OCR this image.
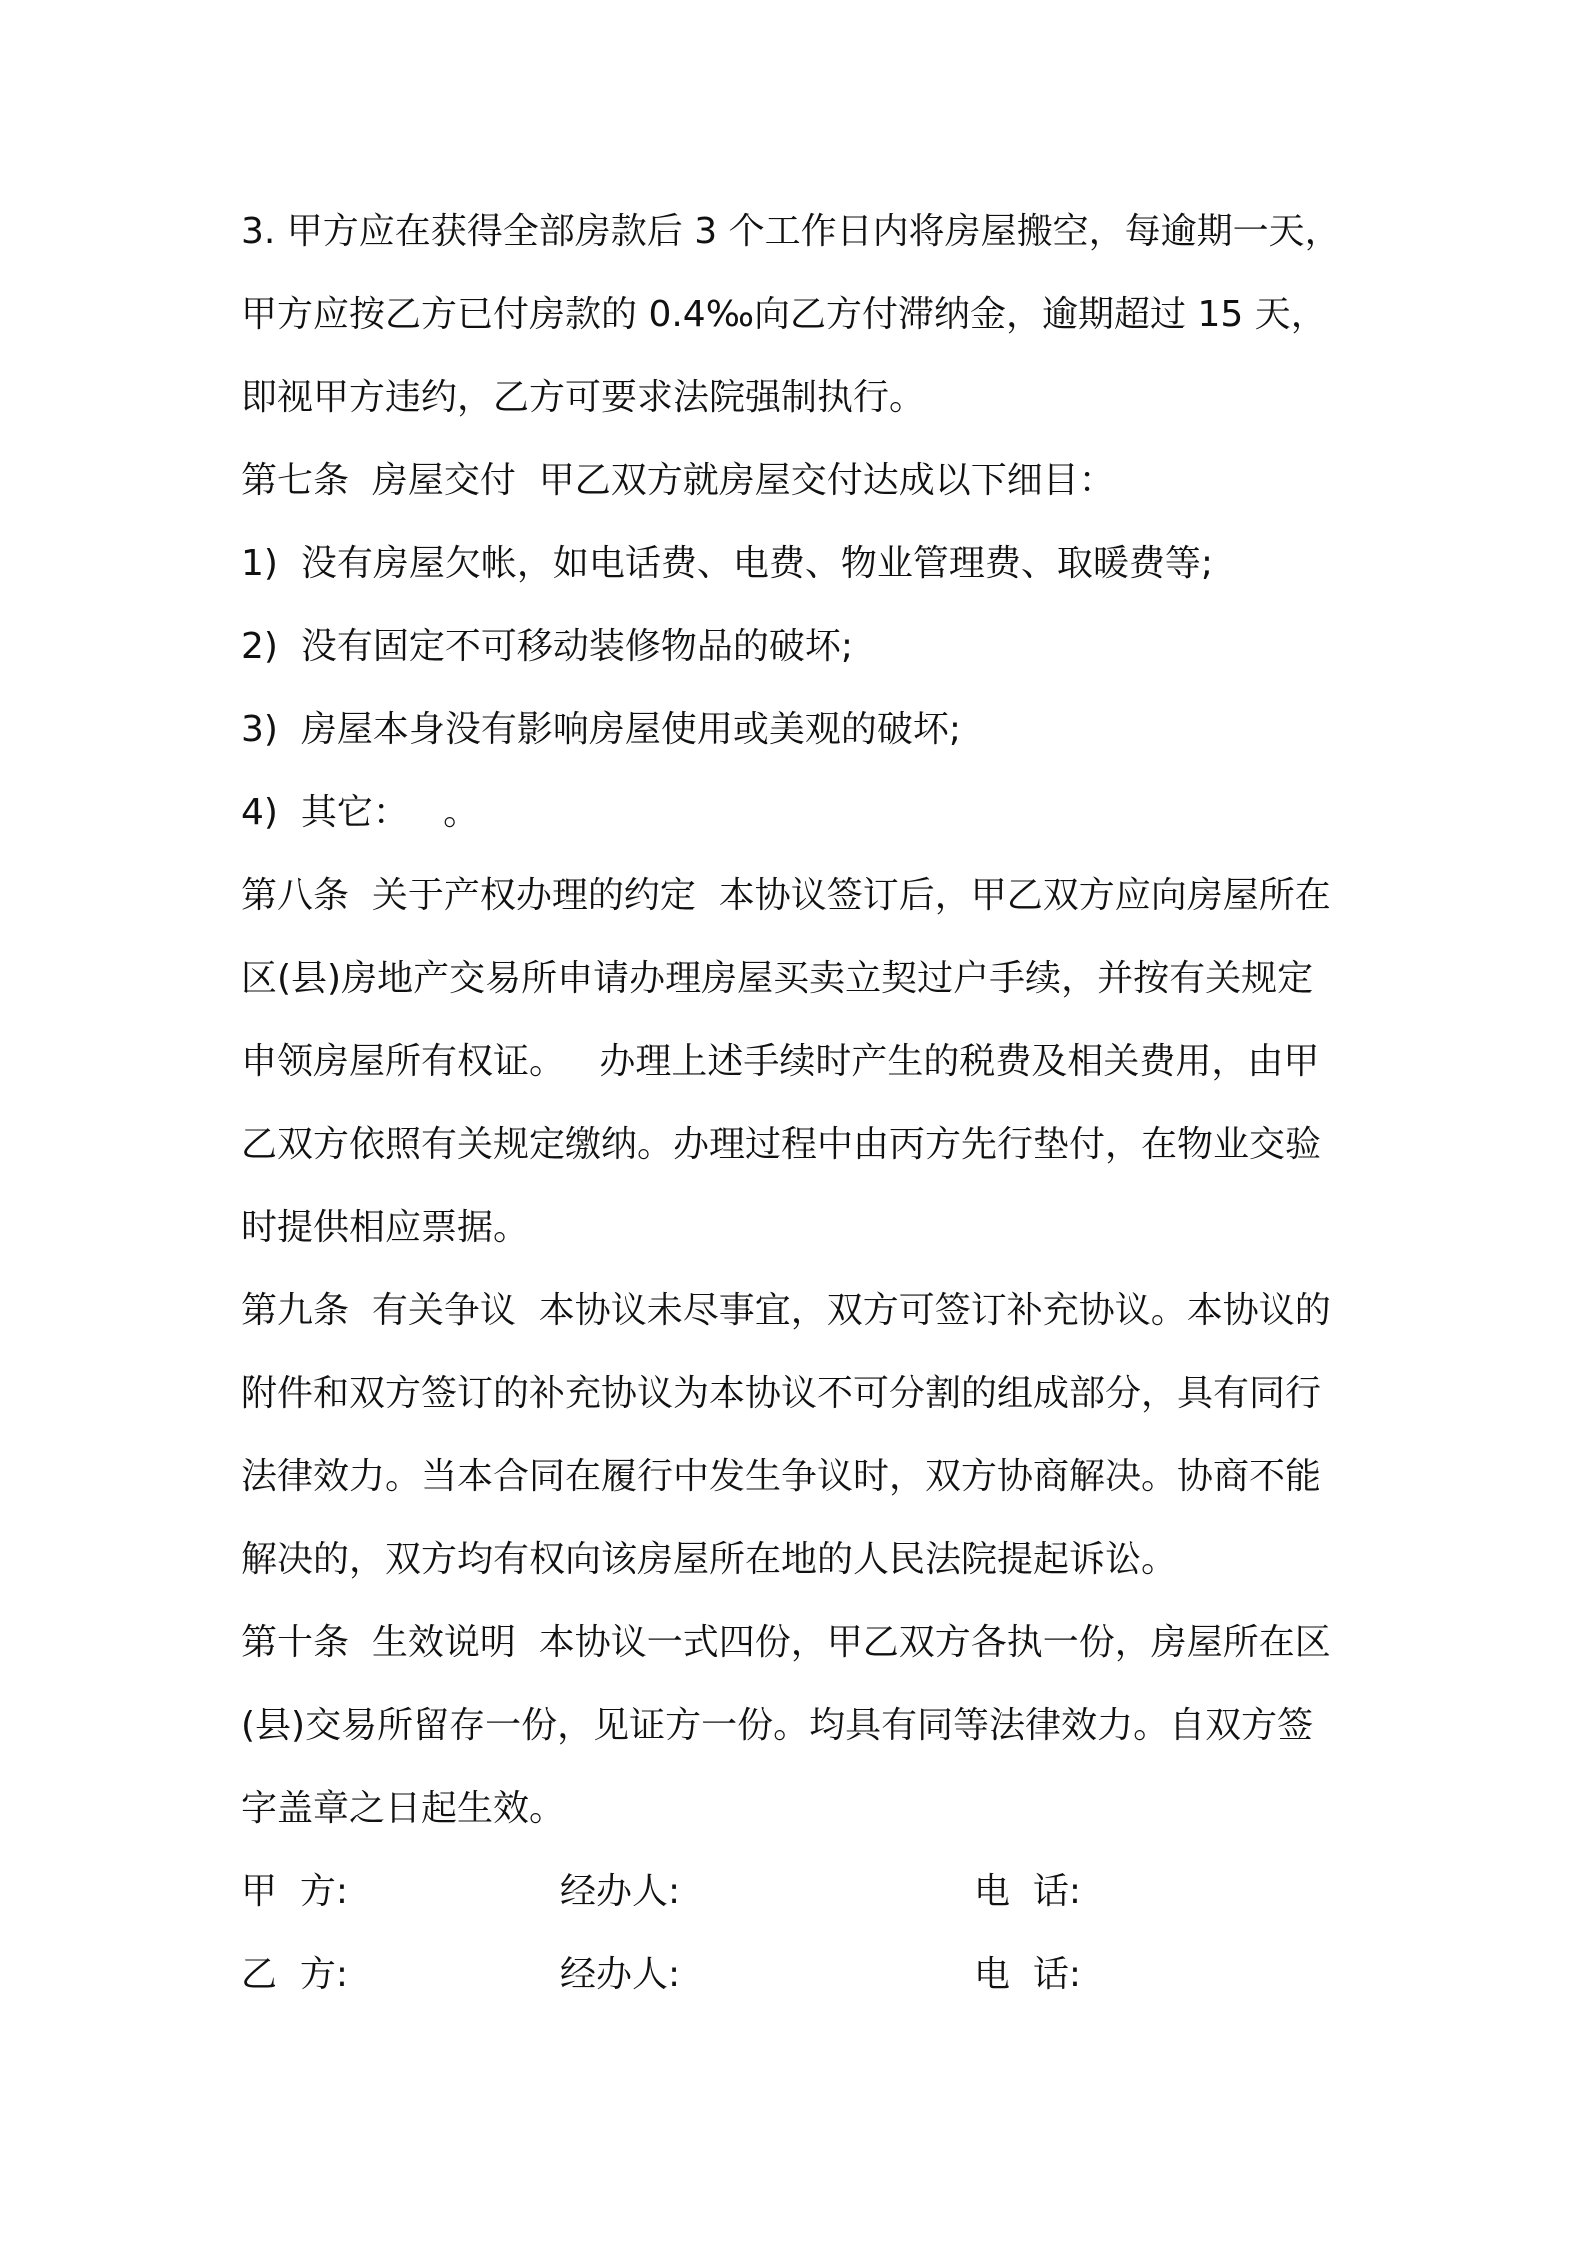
3. 甲方应在获得全部房款后 3 个工作日内将房屋搬空，每逾期一天，
甲方应按乙方已付房款的 0.4‰向乙方付滞纳金，逾期超过 15 天，
即视甲方违约，乙方可要求法院强制执行。
第七条  房屋交付  甲乙双方就房屋交付达成以下细目：
1)  没有房屋欠帐，如电话费、电费、物业管理费、取暖费等;
2)  没有固定不可移动装修物品的破坏;
3)  房屋本身没有影响房屋使用或美观的破坏;
4)  其它：   。
第八条  关于产权办理的约定  本协议签订后，甲乙双方应向房屋所在
区(县)房地产交易所申请办理房屋买卖立契过户手续，并按有关规定
申领房屋所有权证。   办理上述手续时产生的税费及相关费用，由甲
乙双方依照有关规定缴纳。办理过程中由丙方先行垫付，在物业交验
时提供相应票据。
第九条  有关争议  本协议未尽事宜，双方可签订补充协议。本协议的
附件和双方签订的补充协议为本协议不可分割的组成部分，具有同行
法律效力。当本合同在履行中发生争议时，双方协商解决。协商不能
解决的，双方均有权向该房屋所在地的人民法院提起诉讼。
第十条  生效说明  本协议一式四份，甲乙双方各执一份，房屋所在区
(县)交易所留存一份，见证方一份。均具有同等法律效力。自双方签
字盖章之日起生效。
甲  方:	经办人:	电  话:
乙  方:	经办人:	电  话:
